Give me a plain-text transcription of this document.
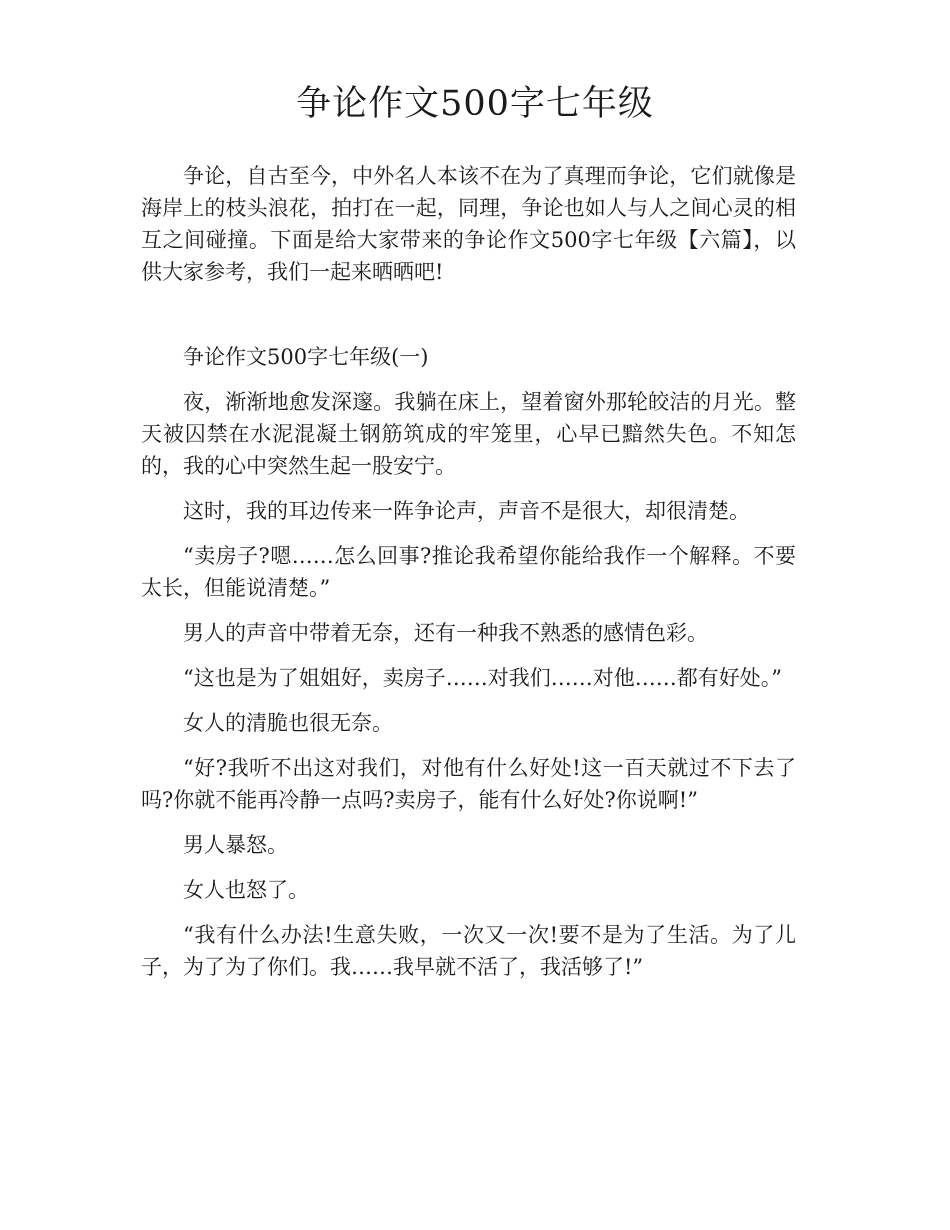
争论作文500字七年级

争论，自古至今，中外名人本该不在为了真理而争论，它们就像是海岸上的枝头浪花，拍打在一起，同理，争论也如人与人之间心灵的相互之间碰撞。下面是给大家带来的争论作文500字七年级【六篇】，以供大家参考，我们一起来晒晒吧!

争论作文500字七年级(一)

夜，渐渐地愈发深邃。我躺在床上，望着窗外那轮皎洁的月光。整天被囚禁在水泥混凝土钢筋筑成的牢笼里，心早已黯然失色。不知怎的，我的心中突然生起一股安宁。

这时，我的耳边传来一阵争论声，声音不是很大，却很清楚。

“卖房子?嗯……怎么回事?推论我希望你能给我作一个解释。不要太长，但能说清楚。”

男人的声音中带着无奈，还有一种我不熟悉的感情色彩。

“这也是为了姐姐好，卖房子……对我们……对他……都有好处。”

女人的清脆也很无奈。

“好?我听不出这对我们，对他有什么好处!这一百天就过不下去了吗?你就不能再冷静一点吗?卖房子，能有什么好处?你说啊!”

男人暴怒。

女人也怒了。

“我有什么办法!生意失败，一次又一次!要不是为了生活。为了儿子，为了为了你们。我……我早就不活了，我活够了!”
